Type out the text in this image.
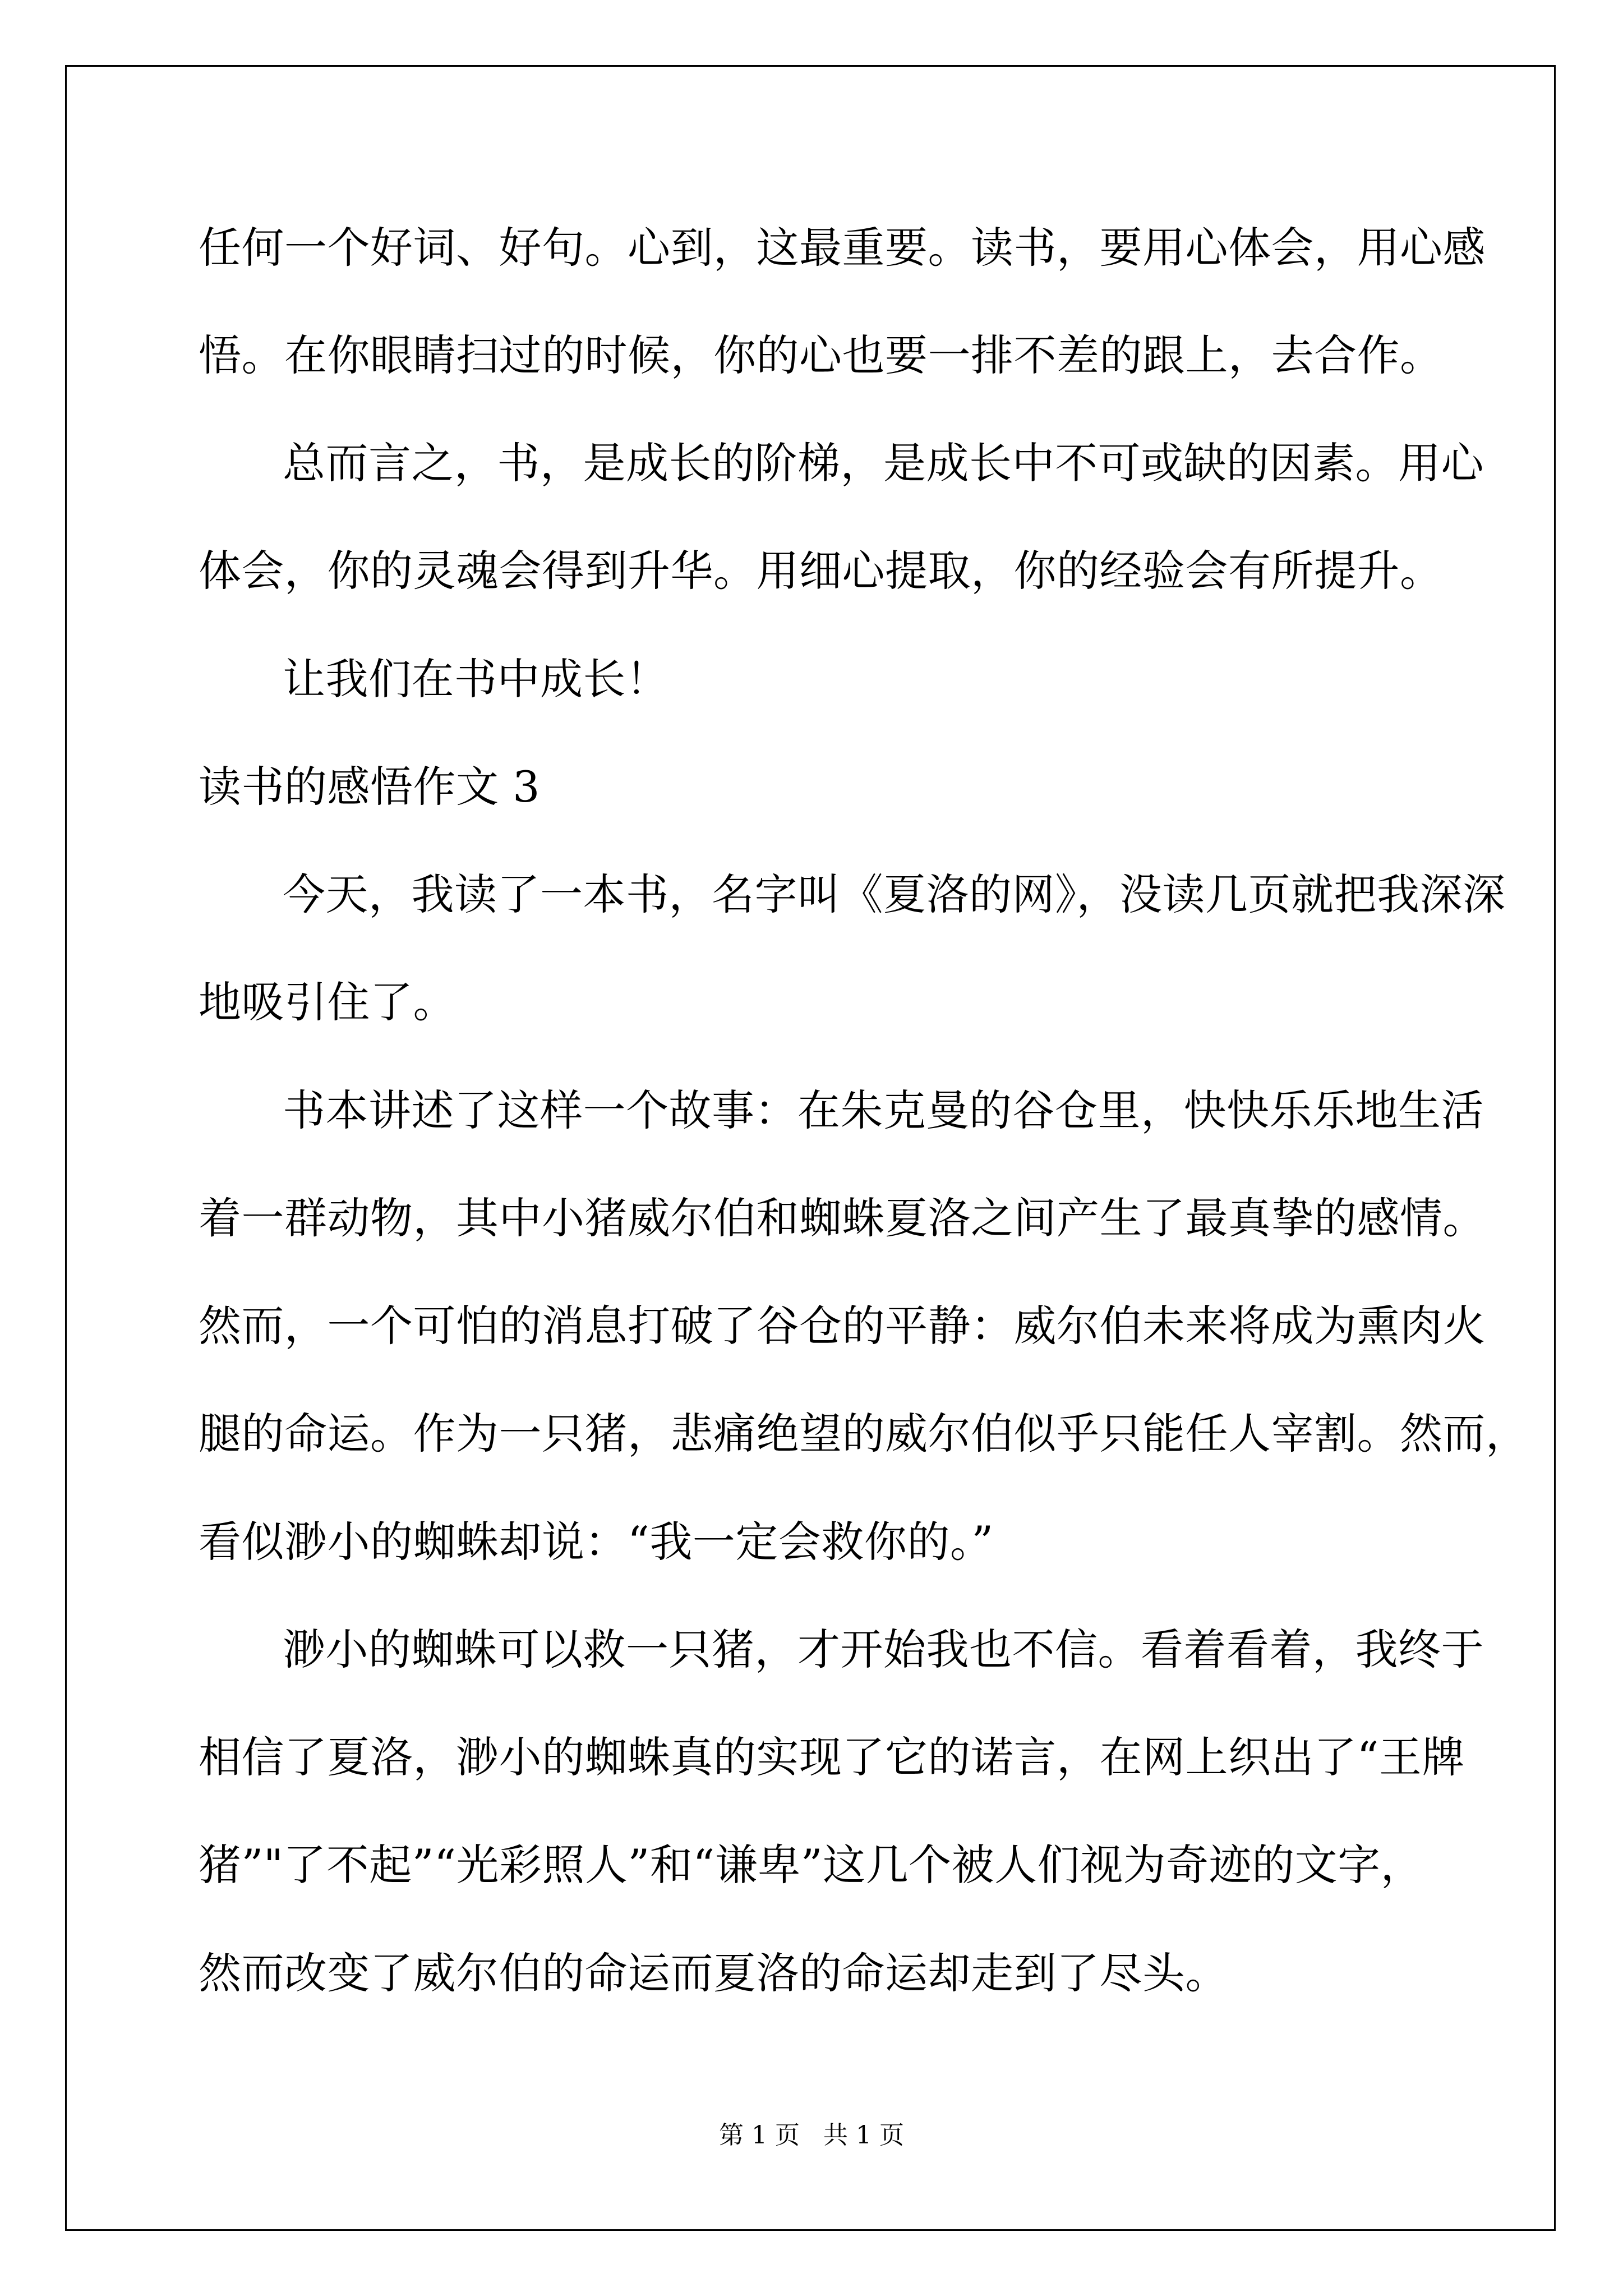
任何一个好词、好句。心到，这最重要。读书，要用心体会，用心感
悟。在你眼睛扫过的时候，你的心也要一排不差的跟上，去合作。
总而言之，书，是成长的阶梯，是成长中不可或缺的因素。用心
体会，你的灵魂会得到升华。用细心提取，你的经验会有所提升。
让我们在书中成长！
读书的感悟作文 3
今天，我读了一本书，名字叫《夏洛的网》，没读几页就把我深深
地吸引住了。
书本讲述了这样一个故事：在朱克曼的谷仓里，快快乐乐地生活
着一群动物，其中小猪威尔伯和蜘蛛夏洛之间产生了最真挚的感情。
然而，一个可怕的消息打破了谷仓的平静：威尔伯未来将成为熏肉火
腿的命运。作为一只猪，悲痛绝望的威尔伯似乎只能任人宰割。然而，
看似渺小的蜘蛛却说：“我一定会救你的。”
渺小的蜘蛛可以救一只猪，才开始我也不信。看着看着，我终于
相信了夏洛，渺小的蜘蛛真的实现了它的诺言，在网上织出了“王牌
猪”"了不起”“光彩照人”和“谦卑”这几个被人们视为奇迹的文字，
然而改变了威尔伯的命运而夏洛的命运却走到了尽头。
第 1 页   共 1 页
